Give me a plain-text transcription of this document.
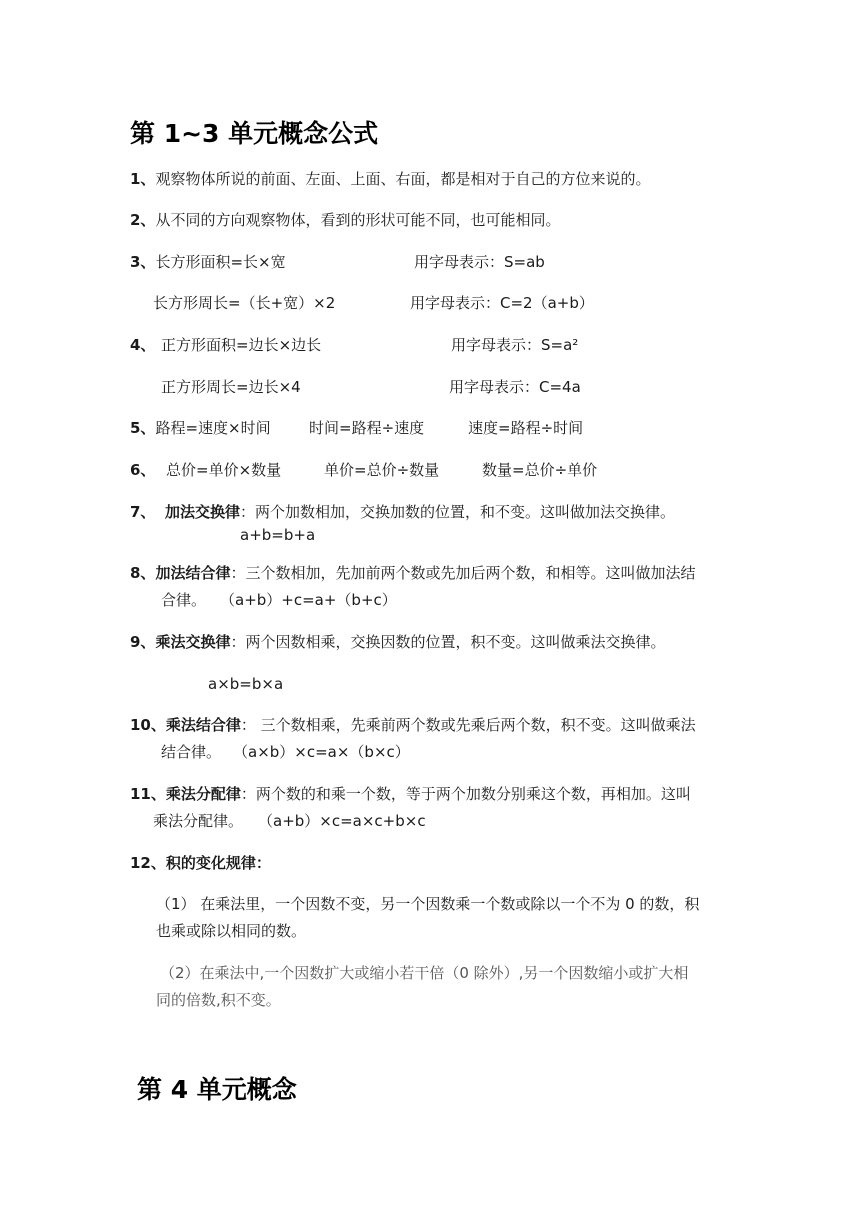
第 1~3 单元概念公式
1、观察物体所说的前面、左面、上面、右面，都是相对于自己的方位来说的。
2、从不同的方向观察物体，看到的形状可能不同，也可能相同。
3、长方形面积=长×宽	用字母表示：S=ab
长方形周长=（长+宽）×2	用字母表示：C=2（a+b）
4、 正方形面积=边长×边长	用字母表示：S=a²
正方形周长=边长×4	用字母表示：C=4a
5、路程=速度×时间	时间=路程÷速度	速度=路程÷时间
6、 总价=单价×数量	单价=总价÷数量	数量=总价÷单价
7、 加法交换律：两个加数相加，交换加数的位置，和不变。这叫做加法交换律。
a+b=b+a
8、加法结合律：三个数相加，先加前两个数或先加后两个数，和相等。这叫做加法结
合律。 （a+b）+c=a+（b+c）
9、乘法交换律：两个因数相乘，交换因数的位置，积不变。这叫做乘法交换律。
a×b=b×a
10、乘法结合律： 三个数相乘，先乘前两个数或先乘后两个数，积不变。这叫做乘法
结合律。 （a×b）×c=a×（b×c）
11、乘法分配律：两个数的和乘一个数，等于两个加数分别乘这个数，再相加。这叫
乘法分配律。 （a+b）×c=a×c+b×c
12、积的变化规律：
（1） 在乘法里，一个因数不变，另一个因数乘一个数或除以一个不为 0 的数，积
也乘或除以相同的数。
（2）在乘法中,一个因数扩大或缩小若干倍（0 除外）,另一个因数缩小或扩大相
同的倍数,积不变。
第 4 单元概念
